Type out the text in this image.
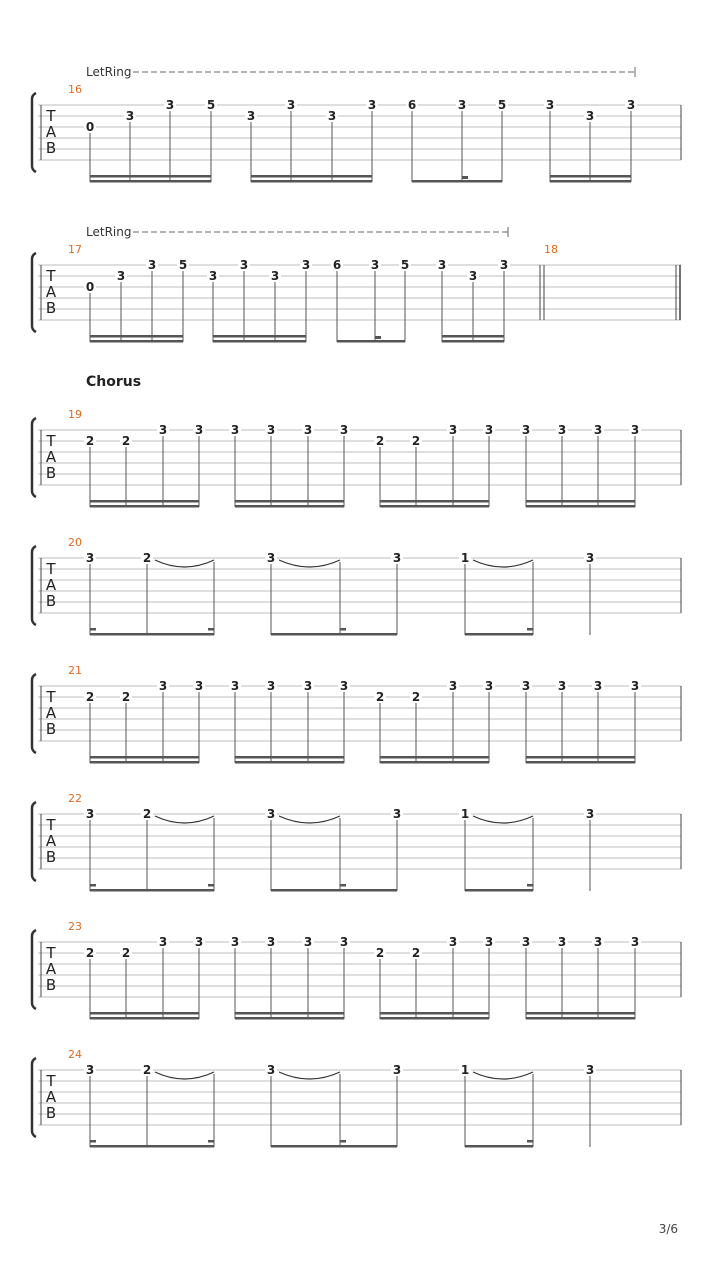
T
A
B
16
LetRing
0
3
3	5
3
3
3
3	6	3	5	3
3
3
T
A
B
18
17
LetRing
0
3
3 5
3
3
3
3 6 3 5 3
3
3
T
A
B
19
Chorus
2 2
3 3 3 3 3 3
2 2
3 3 3 3 3 3
T
A
B
20
3	2	3	3	1	3
T
A
B
21
2 2
3 3 3 3 3 3
2 2
3 3 3 3 3 3
T
A
B
22
3	2	3	3	1	3
T
A
B
23
2 2
3 3 3 3 3 3
2 2
3 3 3 3 3 3
T
A
B
24
3	2	3	3	1	3
3/6
